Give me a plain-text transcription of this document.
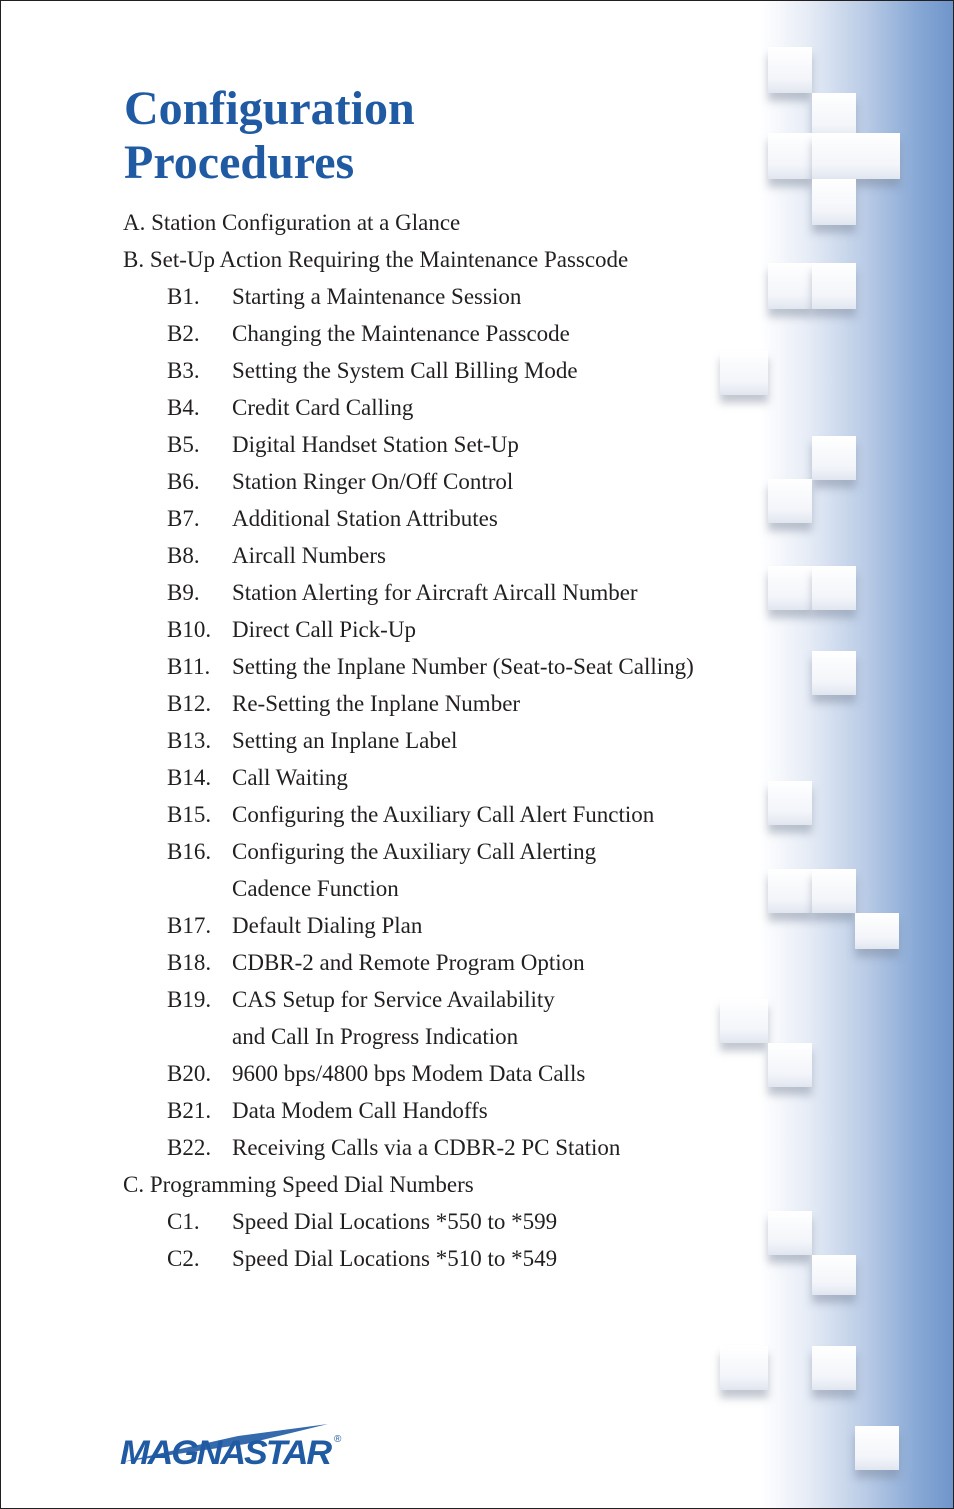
Configuration
Procedures
A. Station Configuration at a Glance
B. Set-Up Action Requiring the Maintenance Passcode
B1. Starting a Maintenance Session
B2. Changing the Maintenance Passcode
B3. Setting the System Call Billing Mode
B4. Credit Card Calling
B5. Digital Handset Station Set-Up
B6. Station Ringer On/Off Control
B7. Additional Station Attributes
B8. Aircall Numbers
B9. Station Alerting for Aircraft Aircall Number
B10. Direct Call Pick-Up
B11. Setting the Inplane Number (Seat-to-Seat Calling)
B12. Re-Setting the Inplane Number
B13. Setting an Inplane Label
B14. Call Waiting
B15. Configuring the Auxiliary Call Alert Function
B16. Configuring the Auxiliary Call Alerting
Cadence Function
B17. Default Dialing Plan
B18. CDBR-2 and Remote Program Option
B19. CAS Setup for Service Availability
and Call In Progress Indication
B20. 9600 bps/4800 bps Modem Data Calls
B21. Data Modem Call Handoffs
B22. Receiving Calls via a CDBR-2 PC Station
C. Programming Speed Dial Numbers
C1. Speed Dial Locations *550 to *599
C2. Speed Dial Locations *510 to *549
MAGNASTAR ®
